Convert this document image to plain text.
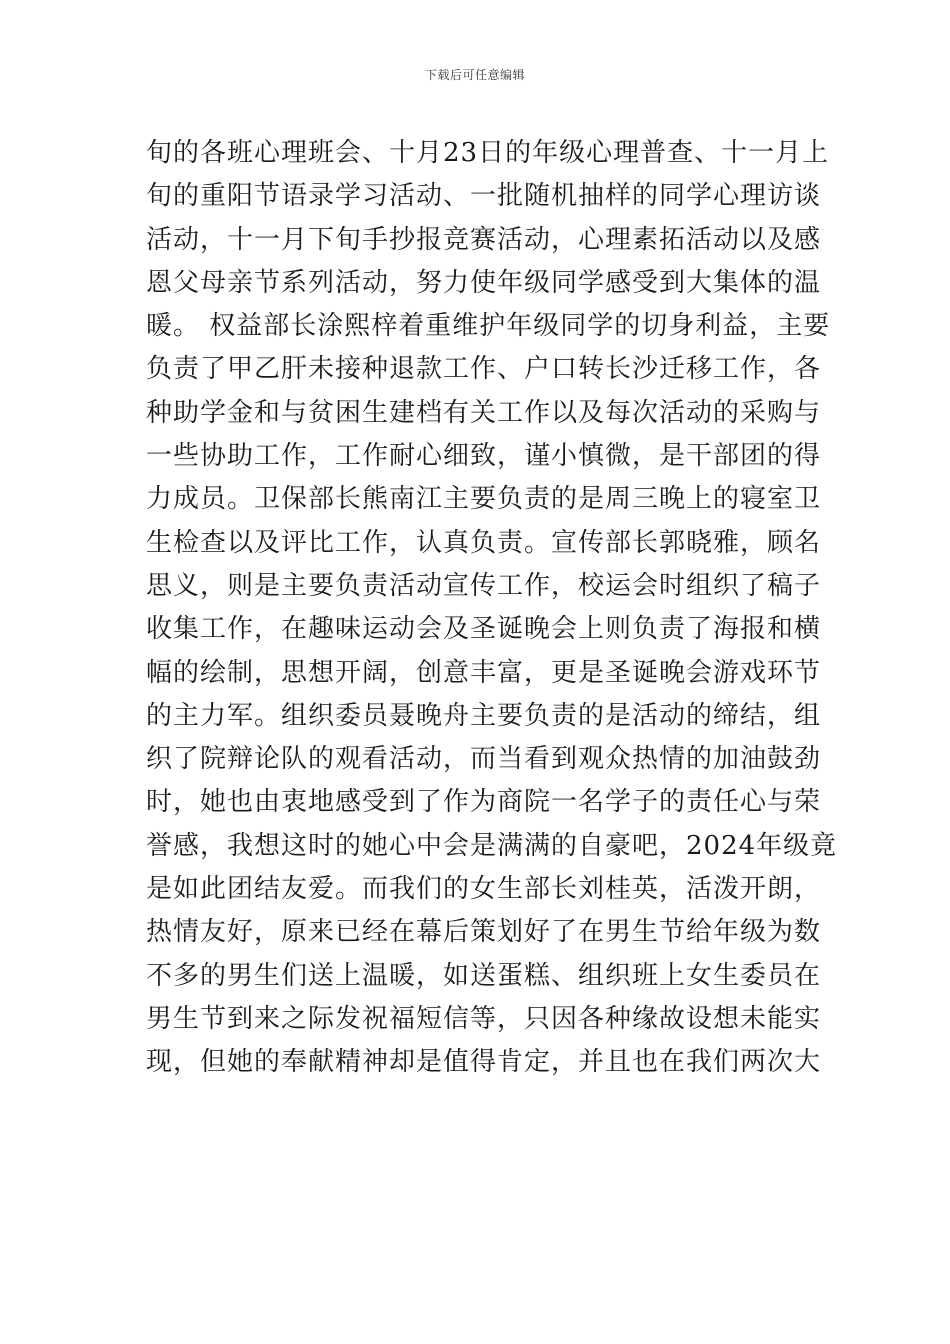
下载后可任意编辑
旬的各班心理班会、十月23日的年级心理普查、十一月上
旬的重阳节语录学习活动、一批随机抽样的同学心理访谈
活动，十一月下旬手抄报竞赛活动，心理素拓活动以及感
恩父母亲节系列活动，努力使年级同学感受到大集体的温
暖。 权益部长涂熙梓着重维护年级同学的切身利益，主要
负责了甲乙肝未接种退款工作、户口转长沙迁移工作，各
种助学金和与贫困生建档有关工作以及每次活动的采购与
一些协助工作，工作耐心细致，谨小慎微，是干部团的得
力成员。卫保部长熊南江主要负责的是周三晚上的寝室卫
生检查以及评比工作，认真负责。宣传部长郭晓雅，顾名
思义，则是主要负责活动宣传工作，校运会时组织了稿子
收集工作，在趣味运动会及圣诞晚会上则负责了海报和横
幅的绘制，思想开阔，创意丰富，更是圣诞晚会游戏环节
的主力军。组织委员聂晚舟主要负责的是活动的缔结，组
织了院辩论队的观看活动，而当看到观众热情的加油鼓劲
时，她也由衷地感受到了作为商院一名学子的责任心与荣
誉感，我想这时的她心中会是满满的自豪吧，2024年级竟
是如此团结友爱。而我们的女生部长刘桂英，活泼开朗，
热情友好，原来已经在幕后策划好了在男生节给年级为数
不多的男生们送上温暖，如送蛋糕、组织班上女生委员在
男生节到来之际发祝福短信等，只因各种缘故设想未能实
现，但她的奉献精神却是值得肯定，并且也在我们两次大
